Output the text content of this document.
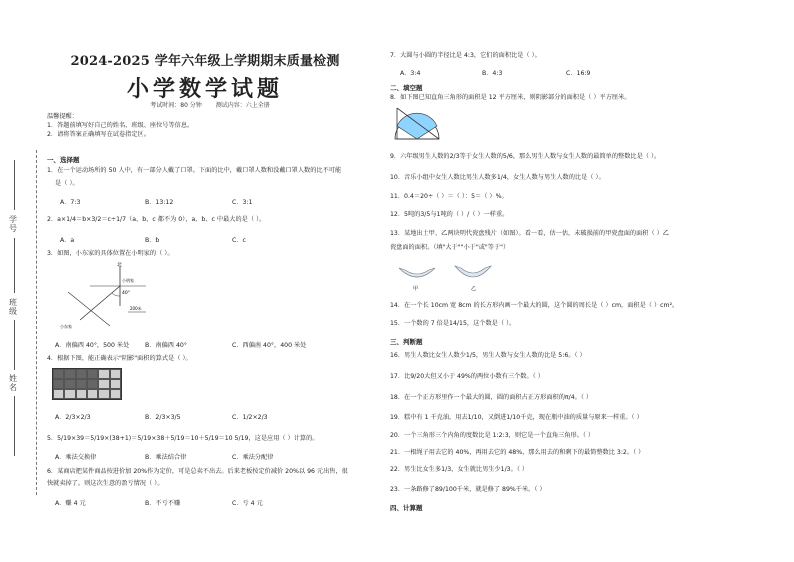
学号
班级
姓名
2024-2025 学年六年级上学期期末质量检测
小学数学试题
考试时间：80 分钟 测试内容：六上全册
温馨提醒：
1．答题前填写好自己的姓名、班级、座位号等信息。
2．请将答案正确填写在试卷指定区。
一、选择题
1．在一个运动场所的 50 人中，有一部分人戴了口罩。下面的比中，戴口罩人数和没戴口罩人数的比不可能
是（ ）。
A．7:3	B．13:12	C．3:1
2．a×1/4＝b×3/2＝c÷1/7（a、b、c 都不为 0），a、b、c 中最大的是（ ）。
A．a	B．b	C．c
3．如图，小东家的具体位置在小明家的（ ）。
北
40°
小明家
小东家
200米
A．南偏西 40°，500 米处	B．南偏西 40°	C．西偏南 40°，400 米处
4．根据下图，能正确表示"阴影"面积的算式是（ ）。
A．2/3×2/3	B．2/3×3/5	C．1/2×2/3
5．5/19×39＝5/19×(38+1)＝5/19×38＋5/19＝10＋5/19＝10 5/19，这是应用（ ）计算的。
A．乘法交换律	B．乘法结合律	C．乘法分配律
6．某商店把某件商品按进价加 20%作为定价，可是总卖不出去。后来老板按定价减价 20%以 96 元出售，很
快就卖掉了。则这次生意的盈亏情况（ ）。
A．赚 4 元	B．不亏不赚	C．亏 4 元
7．大圆与小圆的半径比是 4:3，它们的面积比是（ ）。
A．3:4	B．4:3	C．16:9
二、填空题
8．如下图已知直角三角形的面积是 12 平方厘米，则阴影部分的面积是（ ）平方厘米。
9．六年级男生人数的2/3等于女生人数的5/6，那么男生人数与女生人数的最简单的整数比是（ ）。
10．音乐小组中女生人数比男生人数多1/4，女生人数与男生人数的比是（ ）。
11．0.4＝20÷（ ）＝（ ）：5＝（ ）%。
12．5吨的3/5与1吨的（ ）/（ ）一样重。
13．某地出土甲、乙两块明代瓷盘残片（如图）。看一看，估一估，未破损前的甲瓷盘面的面积（ ）乙
瓷盘面的面积。（填"大于""小于"或"等于"）
甲	乙
14．在一个长 10cm 宽 8cm 的长方形内画一个最大的圆，这个圆的周长是（ ）cm，面积是（ ）cm²。
15．一个数的 7 倍是14/15，这个数是（ ）。
三、判断题
16．男生人数比女生人数少1/5，男生人数与女生人数的比是 5:6。（ ）
17．比9/20大但又小于 49%的两位小数有三个数。（ ）
18．在一个正方形里作一个最大的圆，圆的面积占正方形面积的π/4。（ ）
19．糕中有 1 千克油，用去1/10，又倒进1/10千克，现在瓶中油的质量与原来一样重。（ ）
20．一个三角形三个内角的度数比是 1:2:3，则它是一个直角三角形。（ ）
21．一根绳子用去它的 40%，再用去它的 48%，那么用去的和剩下的最简整数比 3:2。（ ）
22．男生比女生多1/3，女生就比男生少1/3。（ ）
23．一条路修了89/100千米，就是修了 89%千米。（ ）
四、计算题
